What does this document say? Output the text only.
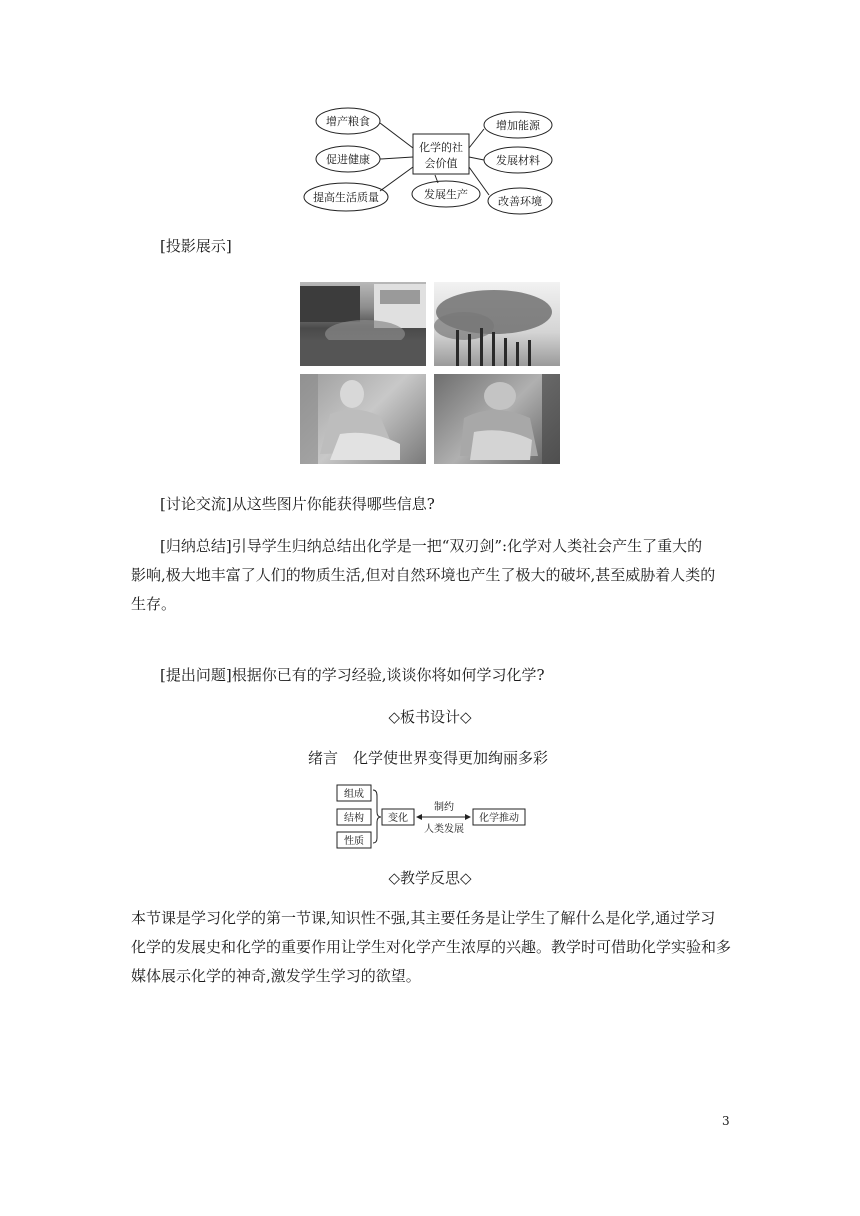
化学的社
会价值
增产粮食
促进健康
提高生活质量	发展生产
增加能源
发展材料
改善环境
[投影展示]
[讨论交流]从这些图片你能获得哪些信息?
[归纳总结]引导学生归纳总结出化学是一把“双刃剑”:化学对人类社会产生了重大的
影响,极大地丰富了人们的物质生活,但对自然环境也产生了极大的破坏,甚至威胁着人类的
生存。
[提出问题]根据你已有的学习经验,谈谈你将如何学习化学?
◇板书设计◇
绪言　化学使世界变得更加绚丽多彩
组成
结构
性质
变化	化学推动
制约
人类发展
◇教学反思◇
本节课是学习化学的第一节课,知识性不强,其主要任务是让学生了解什么是化学,通过学习
化学的发展史和化学的重要作用让学生对化学产生浓厚的兴趣。教学时可借助化学实验和多
媒体展示化学的神奇,激发学生学习的欲望。
3
